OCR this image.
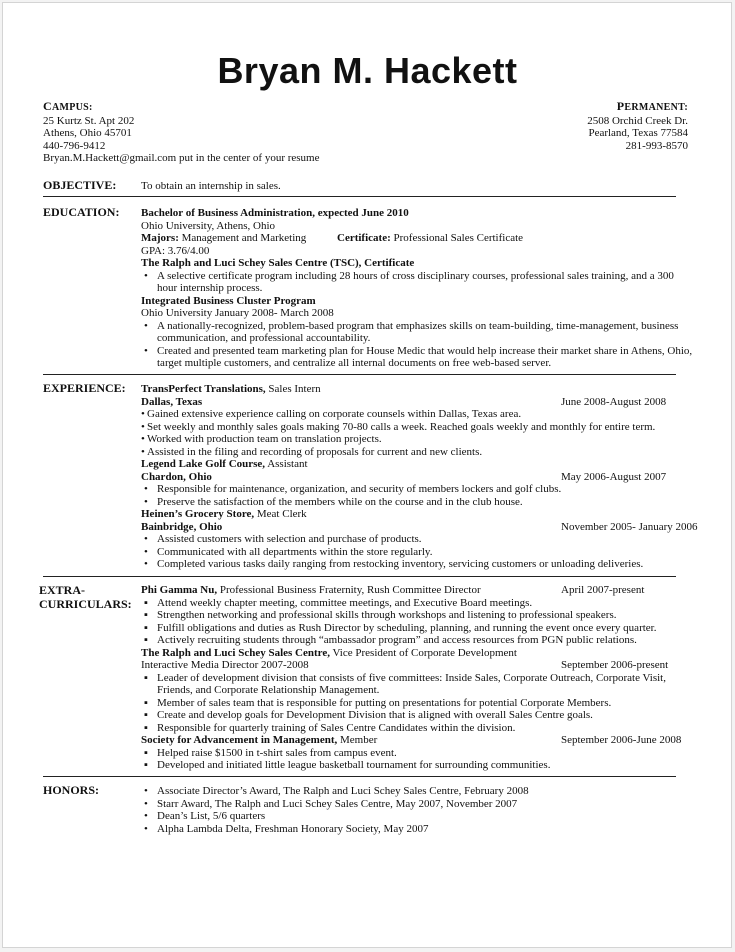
Bryan M. Hackett
CAMPUS:
25 Kurtz St. Apt 202
Athens, Ohio 45701
440-796-9412
Bryan.M.Hackett@gmail.com put in the center of your resume
PERMANENT:
2508 Orchid Creek Dr.
Pearland, Texas 77584
281-993-8570
OBJECTIVE:	To obtain an internship in sales.
EDUCATION:	Bachelor of Business Administration, expected June 2010
Ohio University, Athens, Ohio
Majors: Management and Marketing	Certificate: Professional Sales Certificate
GPA: 3.76/4.00
The Ralph and Luci Schey Sales Centre (TSC), Certificate
• A selective certificate program including 28 hours of cross disciplinary courses, professional sales training, and a 300 hour internship process.
Integrated Business Cluster Program
Ohio University January 2008- March 2008
• A nationally-recognized, problem-based program that emphasizes skills on team-building, time-management, business communication, and professional accountability.
• Created and presented team marketing plan for House Medic that would help increase their market share in Athens, Ohio, target multiple customers, and centralize all internal documents on free web-based server.
EXPERIENCE:	TransPerfect Translations, Sales Intern
Dallas, Texas	June 2008-August 2008
• Gained extensive experience calling on corporate counsels within Dallas, Texas area.
• Set weekly and monthly sales goals making 70-80 calls a week. Reached goals weekly and monthly for entire term.
• Worked with production team on translation projects.
• Assisted in the filing and recording of proposals for current and new clients.
Legend Lake Golf Course, Assistant
Chardon, Ohio	May 2006-August 2007
• Responsible for maintenance, organization, and security of members lockers and golf clubs.
• Preserve the satisfaction of the members while on the course and in the club house.
Heinen’s Grocery Store, Meat Clerk
Bainbridge, Ohio	November 2005- January 2006
• Assisted customers with selection and purchase of products.
• Communicated with all departments within the store regularly.
• Completed various tasks daily ranging from restocking inventory, servicing customers or unloading deliveries.
EXTRA-
CURRICULARS:
Phi Gamma Nu, Professional Business Fraternity, Rush Committee Director	April 2007-present
▪ Attend weekly chapter meeting, committee meetings, and Executive Board meetings.
▪ Strengthen networking and professional skills through workshops and listening to professional speakers.
▪ Fulfill obligations and duties as Rush Director by scheduling, planning, and running the event once every quarter.
▪ Actively recruiting students through “ambassador program” and access resources from PGN public relations.
The Ralph and Luci Schey Sales Centre, Vice President of Corporate Development
Interactive Media Director 2007-2008	September 2006-present
▪ Leader of development division that consists of five committees: Inside Sales, Corporate Outreach, Corporate Visit, Friends, and Corporate Relationship Management.
▪ Member of sales team that is responsible for putting on presentations for potential Corporate Members.
▪ Create and develop goals for Development Division that is aligned with overall Sales Centre goals.
▪ Responsible for quarterly training of Sales Centre Candidates within the division.
Society for Advancement in Management, Member	September 2006-June 2008
▪ Helped raise $1500 in t-shirt sales from campus event.
▪ Developed and initiated little league basketball tournament for surrounding communities.
HONORS:	• Associate Director’s Award, The Ralph and Luci Schey Sales Centre, February 2008
• Starr Award, The Ralph and Luci Schey Sales Centre, May 2007, November 2007
• Dean’s List, 5/6 quarters
• Alpha Lambda Delta, Freshman Honorary Society, May 2007
